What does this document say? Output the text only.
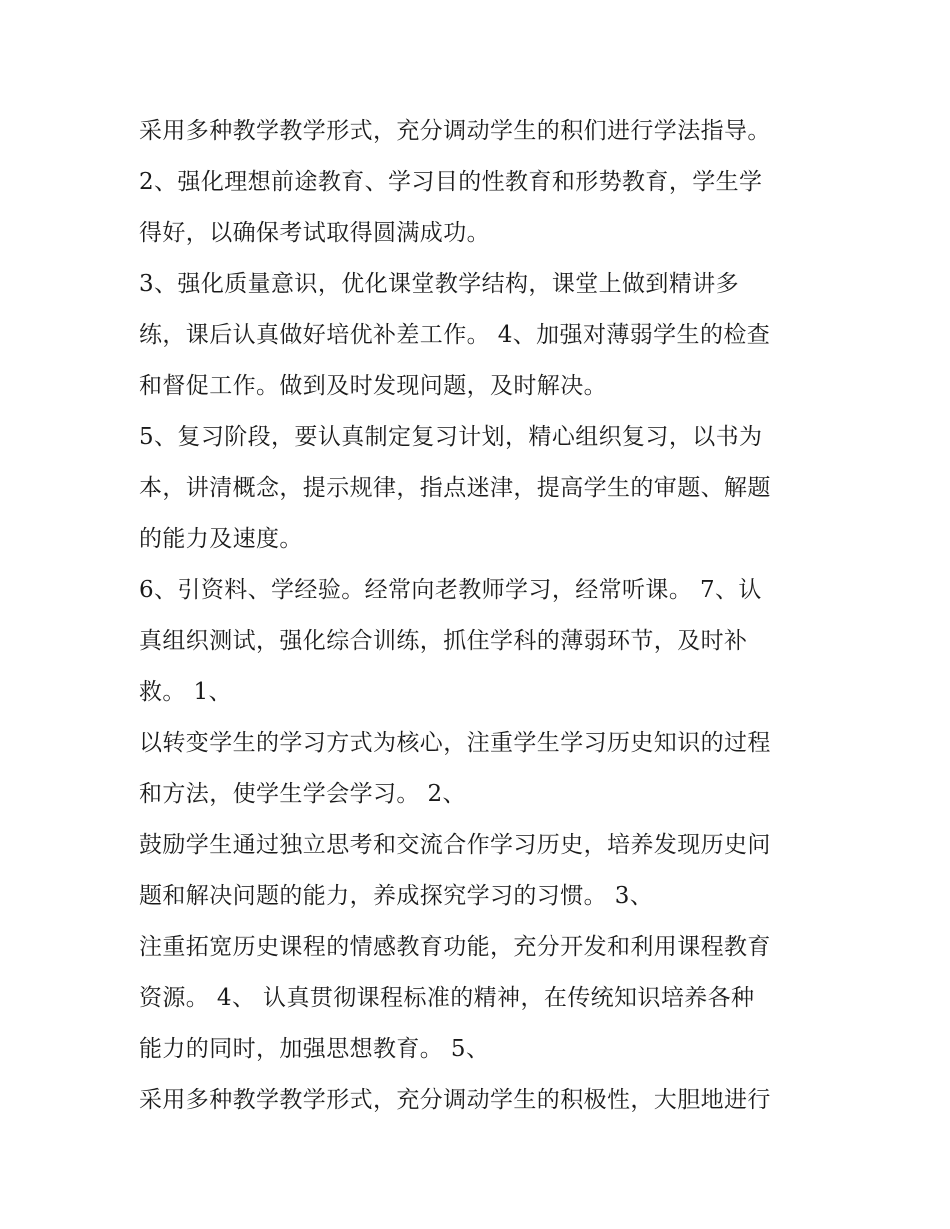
采用多种教学教学形式，充分调动学生的积们进行学法指导。
2、强化理想前途教育、学习目的性教育和形势教育，学生学
得好，以确保考试取得圆满成功。
3、强化质量意识，优化课堂教学结构，课堂上做到精讲多
练，课后认真做好培优补差工作。 4、加强对薄弱学生的检查
和督促工作。做到及时发现问题，及时解决。
5、复习阶段，要认真制定复习计划，精心组织复习，以书为
本，讲清概念，提示规律，指点迷津，提高学生的审题、解题
的能力及速度。
6、引资料、学经验。经常向老教师学习，经常听课。 7、认
真组织测试，强化综合训练，抓住学科的薄弱环节，及时补
救。 1、
以转变学生的学习方式为核心，注重学生学习历史知识的过程
和方法，使学生学会学习。 2、
鼓励学生通过独立思考和交流合作学习历史，培养发现历史问
题和解决问题的能力，养成探究学习的习惯。 3、
注重拓宽历史课程的情感教育功能，充分开发和利用课程教育
资源。 4、 认真贯彻课程标准的精神，在传统知识培养各种
能力的同时，加强思想教育。 5、
采用多种教学教学形式，充分调动学生的积极性，大胆地进行
